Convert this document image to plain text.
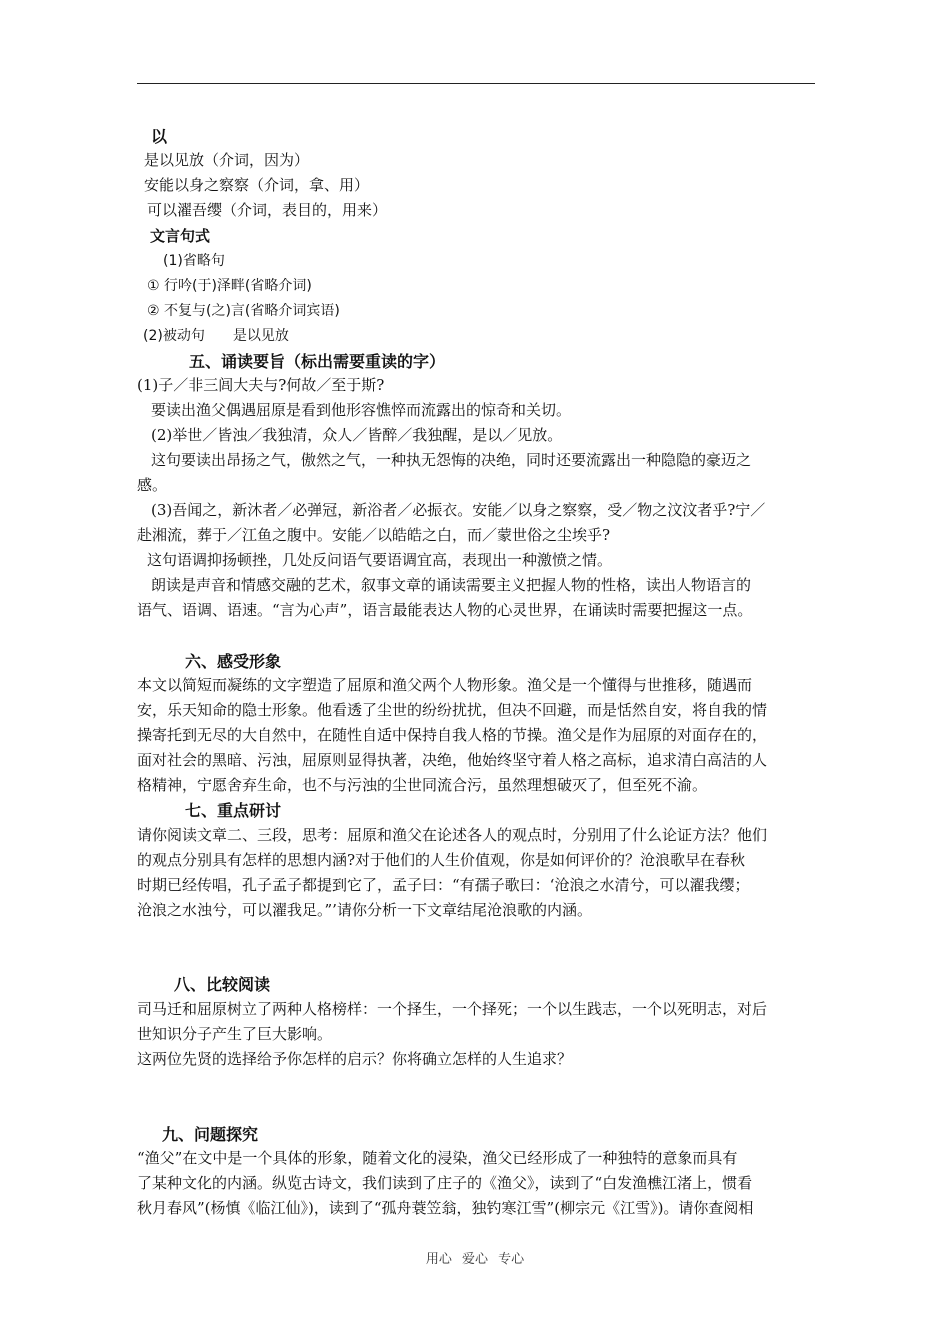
以
是以见放（介词，因为）
安能以身之察察（介词，拿、用）
可以濯吾缨（介词，表目的，用来）
文言句式
(1)省略句
① 行吟(于)泽畔(省略介词)
② 不复与(之)言(省略介词宾语)
(2)被动句　　是以见放
五、诵读要旨（标出需要重读的字）
(1)子／非三闾大夫与?何故／至于斯?
要读出渔父偶遇屈原是看到他形容憔悴而流露出的惊奇和关切。
(2)举世／皆浊／我独清，众人／皆醉／我独醒，是以／见放。
这句要读出昂扬之气，傲然之气，一种执无怨悔的决绝，同时还要流露出一种隐隐的豪迈之
感。
(3)吾闻之，新沐者／必弹冠，新浴者／必振衣。安能／以身之察察，受／物之汶汶者乎?宁／
赴湘流，葬于／江鱼之腹中。安能／以皓皓之白，而／蒙世俗之尘埃乎?
这句语调抑扬顿挫，几处反问语气要语调宜高，表现出一种激愤之情。
朗读是声音和情感交融的艺术，叙事文章的诵读需要主义把握人物的性格，读出人物语言的
语气、语调、语速。“言为心声”，语言最能表达人物的心灵世界，在诵读时需要把握这一点。
六、感受形象
本文以简短而凝练的文字塑造了屈原和渔父两个人物形象。渔父是一个懂得与世推移，随遇而
安，乐天知命的隐士形象。他看透了尘世的纷纷扰扰，但决不回避，而是恬然自安，将自我的情
操寄托到无尽的大自然中，在随性自适中保持自我人格的节操。渔父是作为屈原的对面存在的，
面对社会的黑暗、污浊，屈原则显得执著，决绝，他始终坚守着人格之高标，追求清白高洁的人
格精神，宁愿舍弃生命，也不与污浊的尘世同流合污，虽然理想破灭了，但至死不渝。
七、重点研讨
请你阅读文章二、三段，思考：屈原和渔父在论述各人的观点时，分别用了什么论证方法？他们
的观点分别具有怎样的思想内涵?对于他们的人生价值观，你是如何评价的？沧浪歌早在春秋
时期已经传唱，孔子孟子都提到它了，孟子曰：“有孺子歌曰：‘沧浪之水清兮，可以濯我缨；
沧浪之水浊兮，可以濯我足。”’请你分析一下文章结尾沧浪歌的内涵。
八、比较阅读
司马迁和屈原树立了两种人格榜样：一个择生，一个择死；一个以生践志，一个以死明志，对后
世知识分子产生了巨大影响。
这两位先贤的选择给予你怎样的启示？你将确立怎样的人生追求？
九、问题探究
“渔父”在文中是一个具体的形象，随着文化的浸染，渔父已经形成了一种独特的意象而具有
了某种文化的内涵。纵览古诗文，我们读到了庄子的《渔父》，读到了“白发渔樵江渚上，惯看
秋月春风”(杨慎《临江仙》)，读到了“孤舟蓑笠翁，独钓寒江雪”(柳宗元《江雪》)。请你查阅相
用心 爱心 专心
